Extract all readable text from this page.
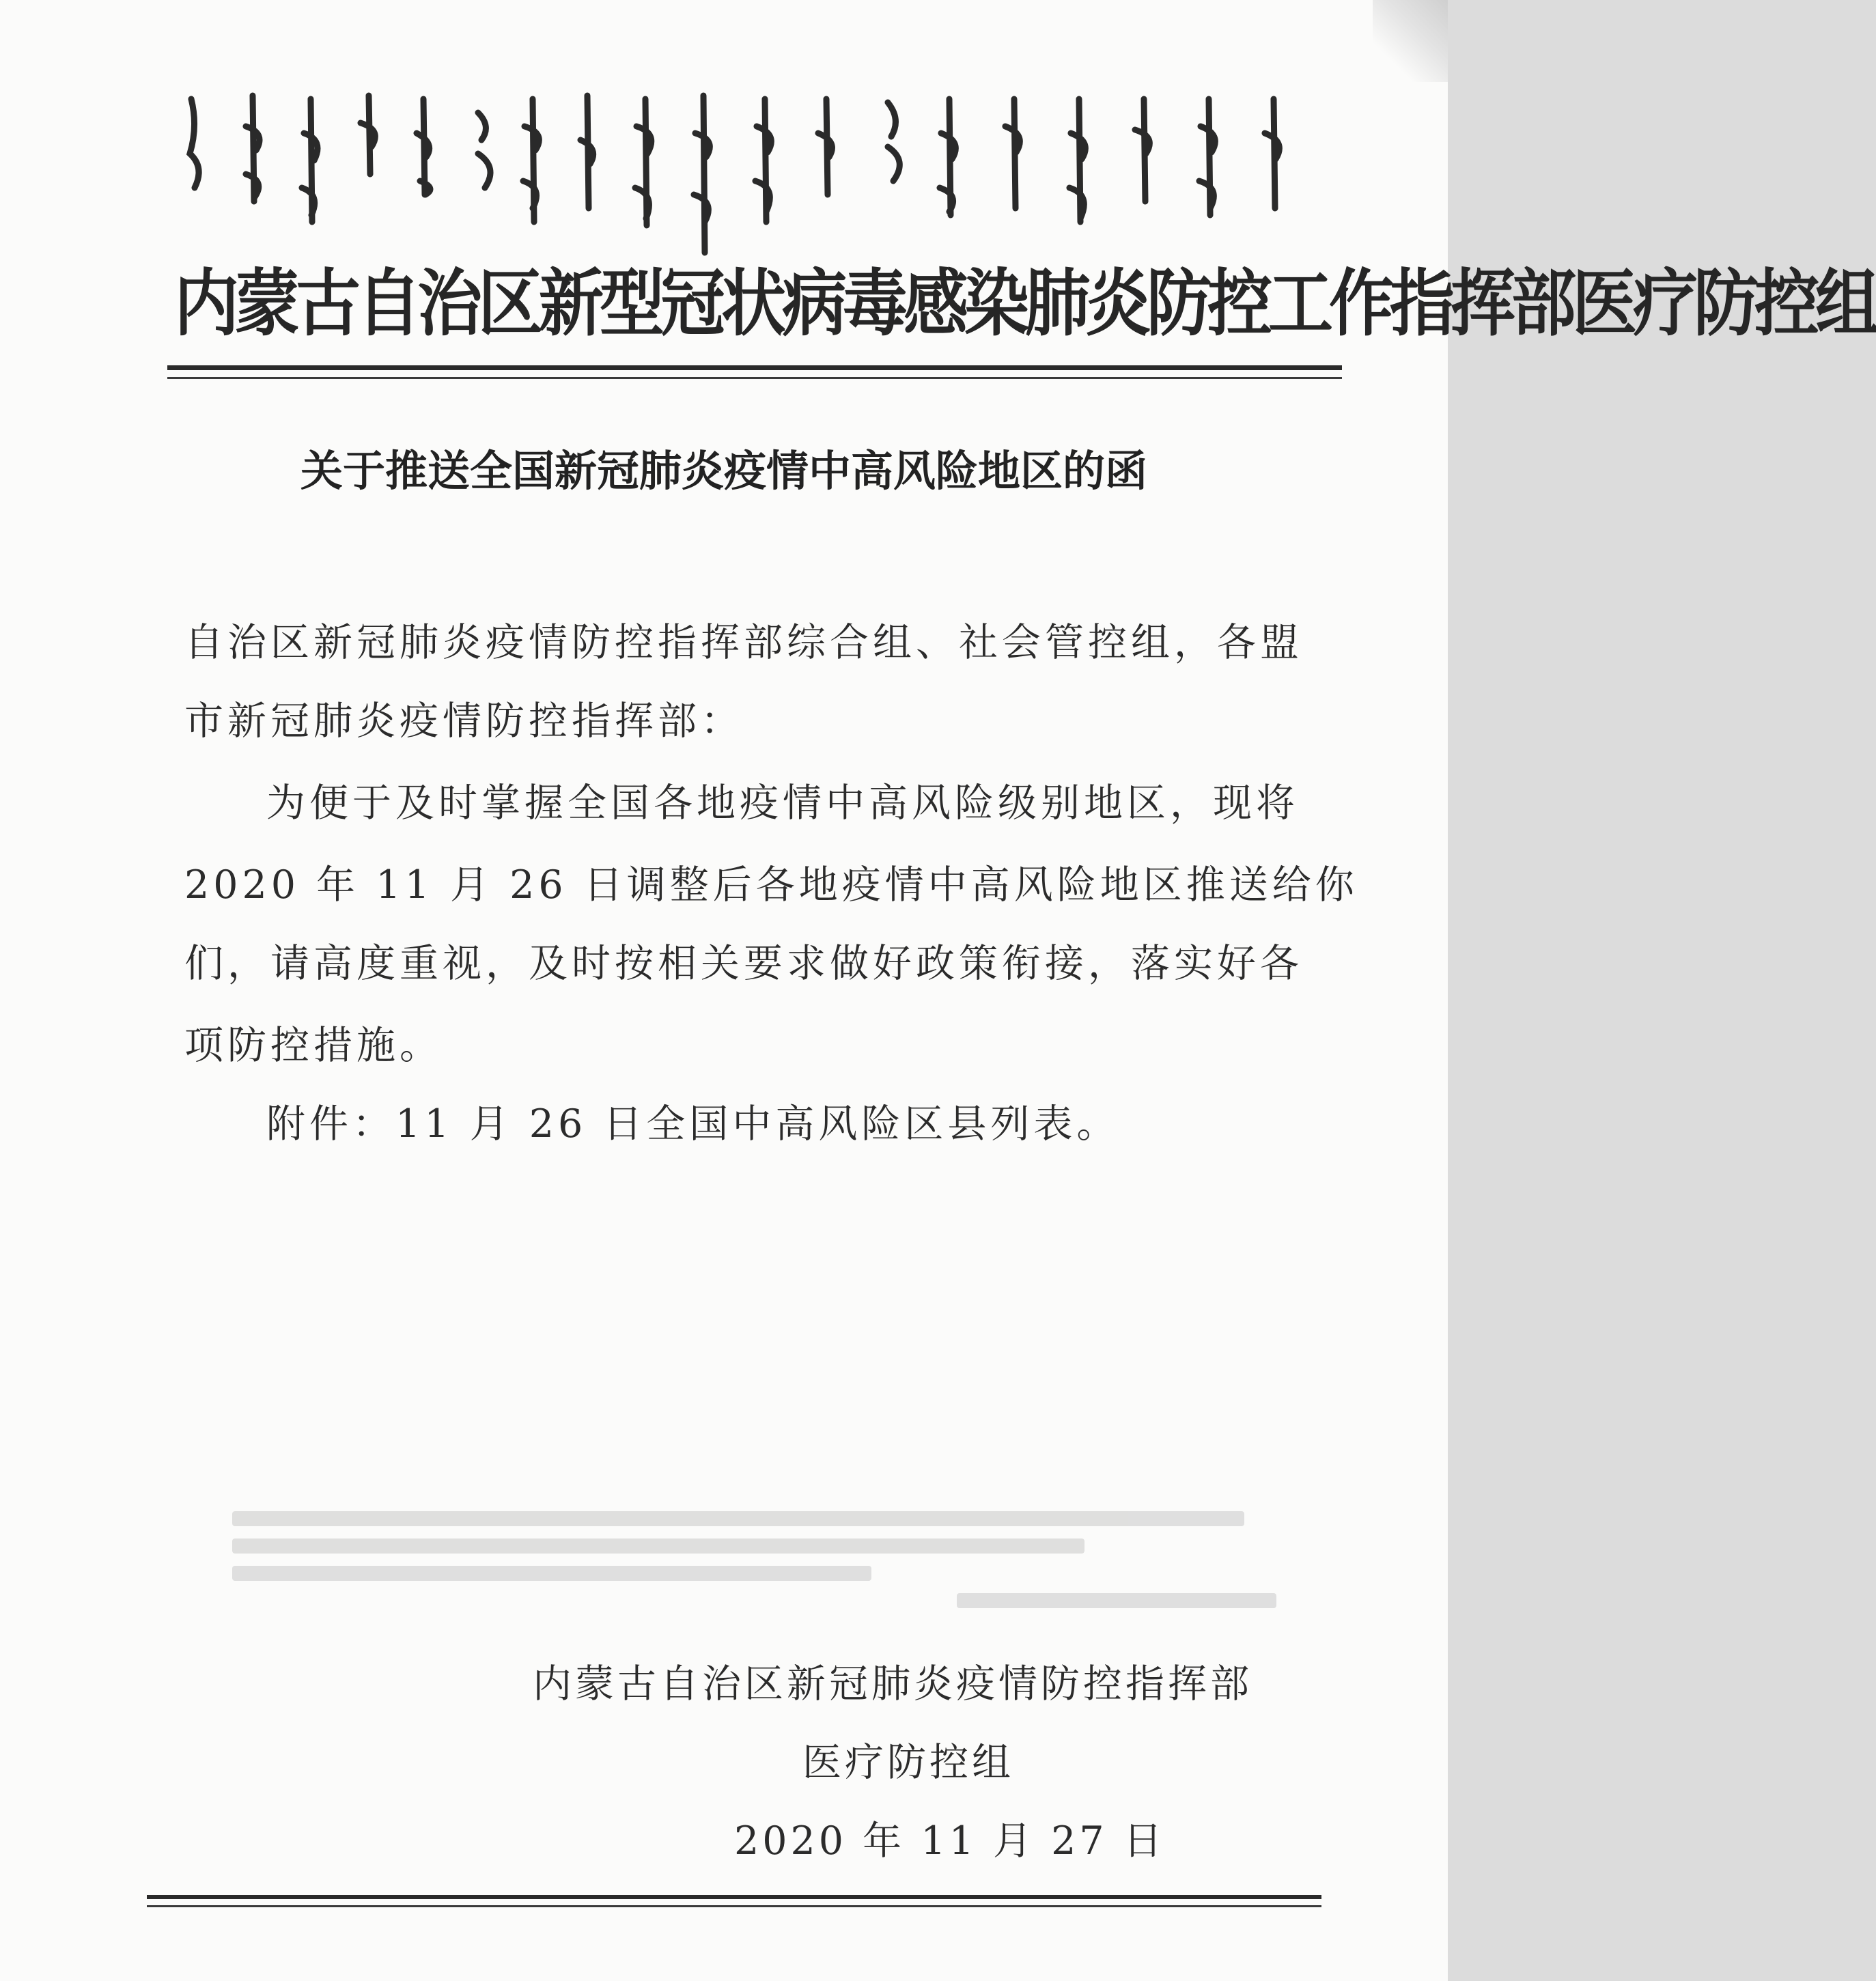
内蒙古自治区新型冠状病毒感染肺炎防控工作指挥部医疗防控组
关于推送全国新冠肺炎疫情中高风险地区的函
自治区新冠肺炎疫情防控指挥部综合组、社会管控组，各盟
市新冠肺炎疫情防控指挥部：
为便于及时掌握全国各地疫情中高风险级别地区，现将
2020 年 11 月 26 日调整后各地疫情中高风险地区推送给你
们，请高度重视，及时按相关要求做好政策衔接，落实好各
项防控措施。
附件：11 月 26 日全国中高风险区县列表。
内蒙古自治区新冠肺炎疫情防控指挥部
医疗防控组
2020 年 11 月 27 日
